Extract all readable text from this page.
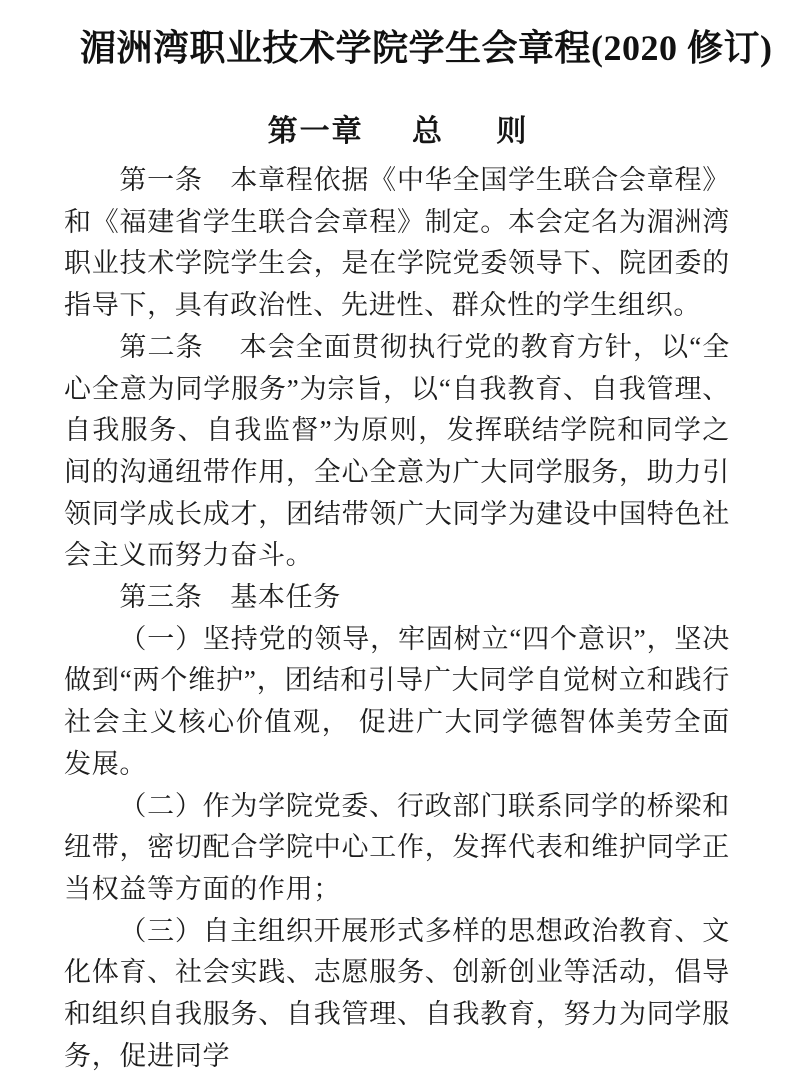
湄洲湾职业技术学院学生会章程(2020 修订)
第一章 总 则

第一条　本章程依据《中华全国学生联合会章程》和《福建省学生联合会章程》制定。本会定名为湄洲湾职业技术学院学生会，是在学院党委领导下、院团委的指导下，具有政治性、先进性、群众性的学生组织。

第二条　 本会全面贯彻执行党的教育方针，以“全心全意为同学服务”为宗旨，以“自我教育、自我管理、自我服务、自我监督”为原则，发挥联结学院和同学之间的沟通纽带作用，全心全意为广大同学服务，助力引领同学成长成才，团结带领广大同学为建设中国特色社会主义而努力奋斗。

第三条　基本任务

（一）坚持党的领导，牢固树立“四个意识”，坚决做到“两个维护”，团结和引导广大同学自觉树立和践行社会主义核心价值观， 促进广大同学德智体美劳全面发展。

（二）作为学院党委、行政部门联系同学的桥梁和纽带，密切配合学院中心工作，发挥代表和维护同学正当权益等方面的作用；

（三）自主组织开展形式多样的思想政治教育、文化体育、社会实践、志愿服务、创新创业等活动，倡导和组织自我服务、自我管理、自我教育，努力为同学服务，促进同学
